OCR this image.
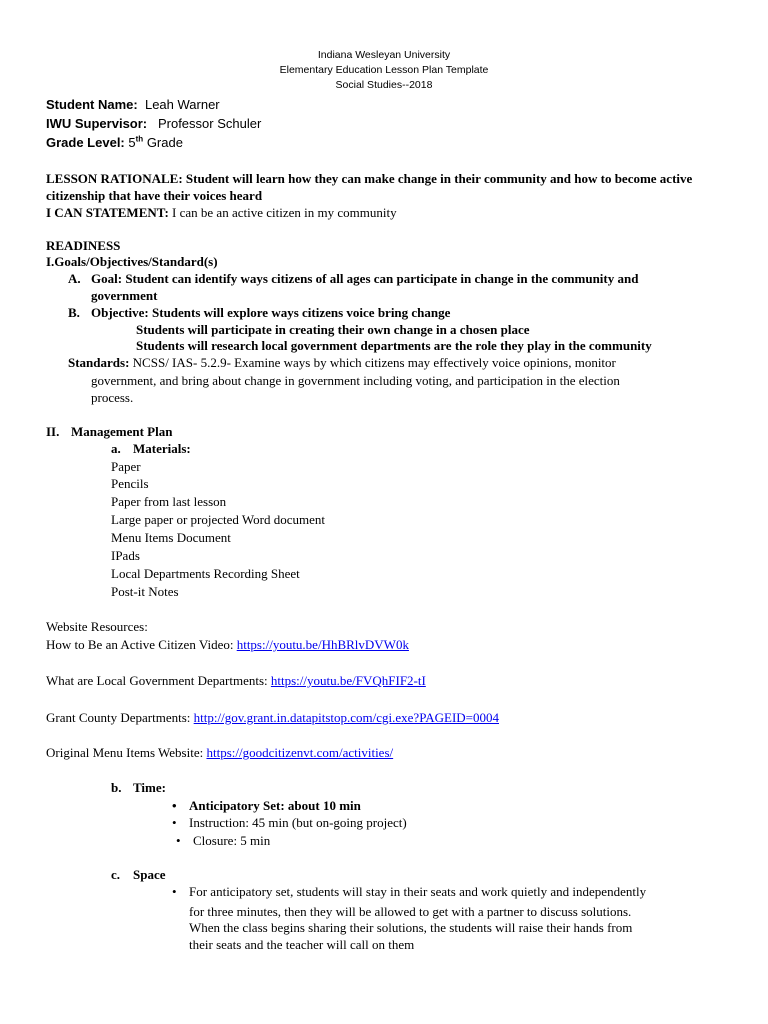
Indiana Wesleyan University
Elementary Education Lesson Plan Template
Social Studies--2018
Student Name: Leah Warner
IWU Supervisor: Professor Schuler
Grade Level: 5th Grade
LESSON RATIONALE: Student will learn how they can make change in their community and how to become active
citizenship that have their voices heard
I CAN STATEMENT: I can be an active citizen in my community
READINESS
I.Goals/Objectives/Standard(s)
A. Goal: Student can identify ways citizens of all ages can participate in change in the community and
government
B. Objective: Students will explore ways citizens voice bring change
Students will participate in creating their own change in a chosen place
Students will research local government departments are the role they play in the community
Standards: NCSS/ IAS- 5.2.9- Examine ways by which citizens may effectively voice opinions, monitor
government, and bring about change in government including voting, and participation in the election
process.
II. Management Plan
a. Materials:
Paper
Pencils
Paper from last lesson
Large paper or projected Word document
Menu Items Document
IPads
Local Departments Recording Sheet
Post-it Notes
Website Resources:
How to Be an Active Citizen Video: https://youtu.be/HhBRlvDVW0k
What are Local Government Departments: https://youtu.be/FVQhFIF2-tI
Grant County Departments: http://gov.grant.in.datapitstop.com/cgi.exe?PAGEID=0004
Original Menu Items Website: https://goodcitizenvt.com/activities/
b. Time:
• Anticipatory Set: about 10 min
• Instruction: 45 min (but on-going project)
• Closure: 5 min
c. Space
• For anticipatory set, students will stay in their seats and work quietly and independently
for three minutes, then they will be allowed to get with a partner to discuss solutions.
When the class begins sharing their solutions, the students will raise their hands from
their seats and the teacher will call on them
